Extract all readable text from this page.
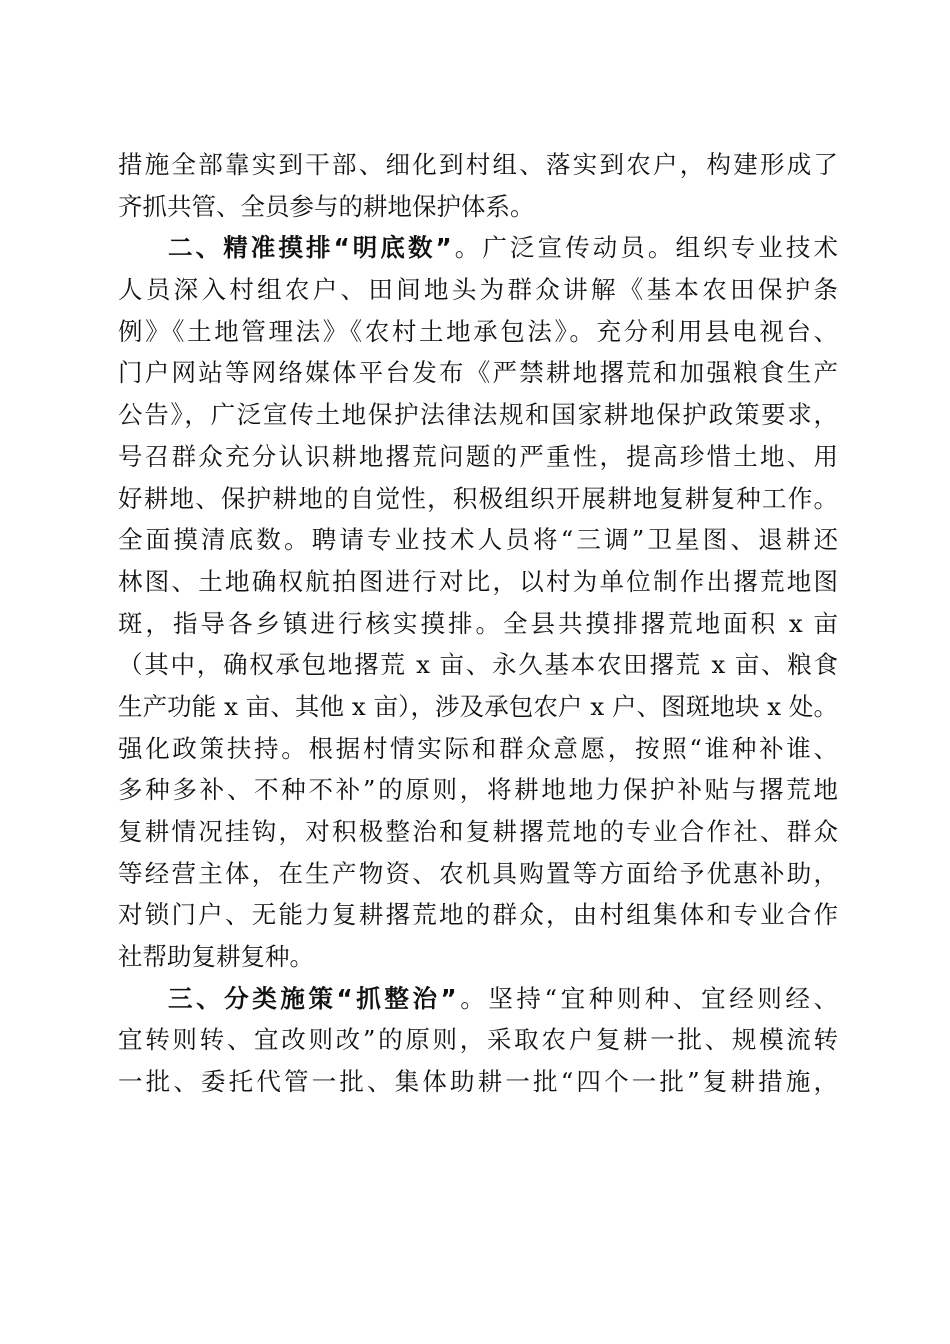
措施全部靠实到干部、细化到村组、落实到农户，构建形成了
齐抓共管、全员参与的耕地保护体系。
二、精准摸排“明底数”。广泛宣传动员。组织专业技术
人员深入村组农户、田间地头为群众讲解《基本农田保护条
例》《土地管理法》《农村土地承包法》。充分利用县电视台、
门户网站等网络媒体平台发布《严禁耕地撂荒和加强粮食生产
公告》，广泛宣传土地保护法律法规和国家耕地保护政策要求，
号召群众充分认识耕地撂荒问题的严重性，提高珍惜土地、用
好耕地、保护耕地的自觉性，积极组织开展耕地复耕复种工作。
全面摸清底数。聘请专业技术人员将“三调”卫星图、退耕还
林图、土地确权航拍图进行对比，以村为单位制作出撂荒地图
斑，指导各乡镇进行核实摸排。全县共摸排撂荒地面积 x 亩
（其中，确权承包地撂荒 x 亩、永久基本农田撂荒 x 亩、粮食
生产功能 x 亩、其他 x 亩），涉及承包农户 x 户、图斑地块 x 处。
强化政策扶持。根据村情实际和群众意愿，按照“谁种补谁、
多种多补、不种不补”的原则，将耕地地力保护补贴与撂荒地
复耕情况挂钩，对积极整治和复耕撂荒地的专业合作社、群众
等经营主体，在生产物资、农机具购置等方面给予优惠补助，
对锁门户、无能力复耕撂荒地的群众，由村组集体和专业合作
社帮助复耕复种。
三、分类施策“抓整治”。坚持“宜种则种、宜经则经、
宜转则转、宜改则改”的原则，采取农户复耕一批、规模流转
一批、委托代管一批、集体助耕一批“四个一批”复耕措施，
